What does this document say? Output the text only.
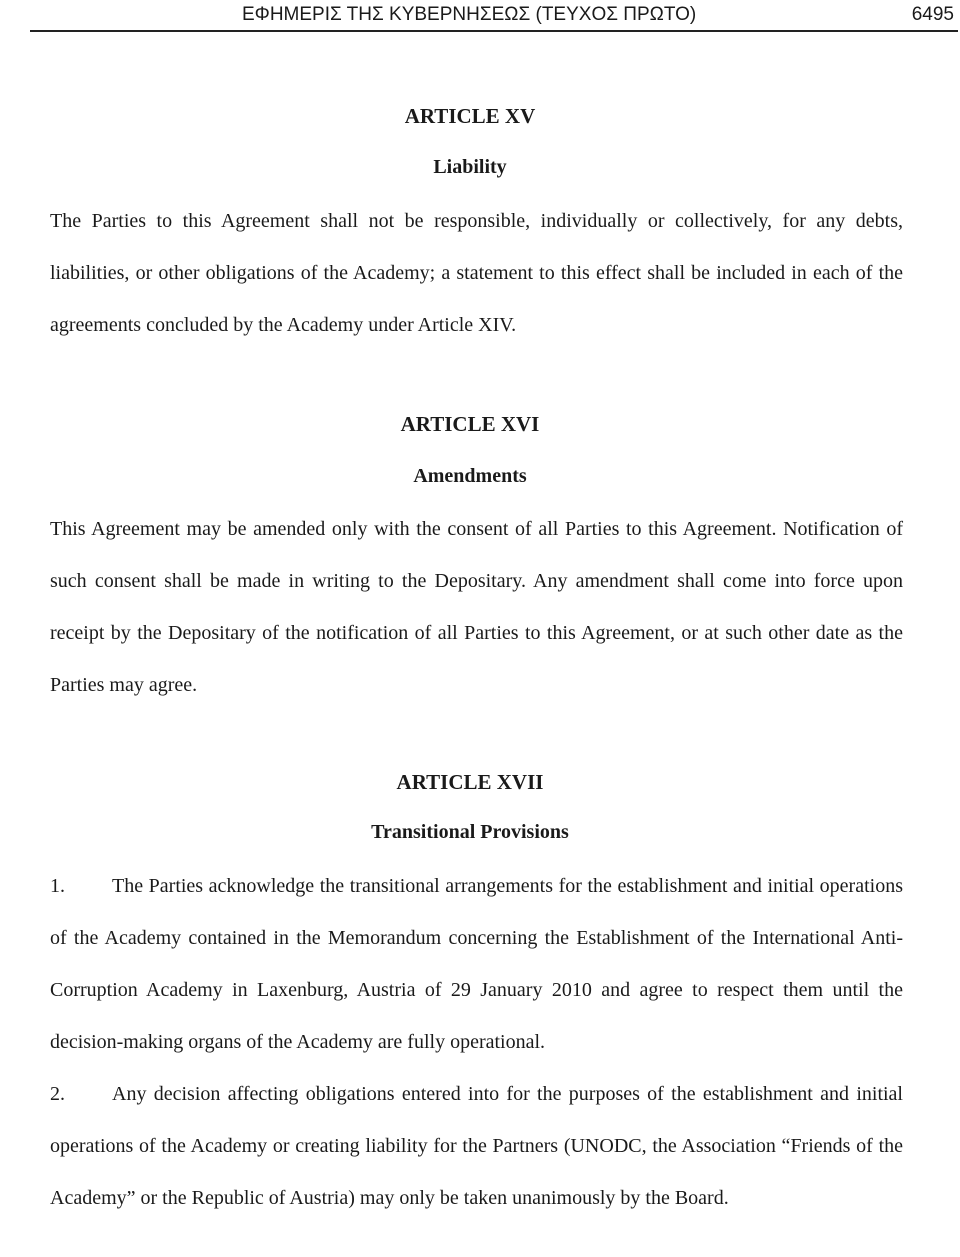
ΕΦΗΜΕΡΙΣ ΤΗΣ ΚΥΒΕΡΝΗΣΕΩΣ (ΤΕΥΧΟΣ ΠΡΩΤΟ)	6495
ARTICLE XV
Liability

The Parties to this Agreement shall not be responsible, individually or collectively, for any debts, liabilities, or other obligations of the Academy; a statement to this effect shall be included in each of the agreements concluded by the Academy under Article XIV.

ARTICLE XVI
Amendments

This Agreement may be amended only with the consent of all Parties to this Agreement. Notification of such consent shall be made in writing to the Depositary. Any amendment shall come into force upon receipt by the Depositary of the notification of all Parties to this Agreement, or at such other date as the Parties may agree.

ARTICLE XVII
Transitional Provisions

1. The Parties acknowledge the transitional arrangements for the establishment and initial operations of the Academy contained in the Memorandum concerning the Establishment of the International Anti-Corruption Academy in Laxenburg, Austria of 29 January 2010 and agree to respect them until the decision-making organs of the Academy are fully operational.

2. Any decision affecting obligations entered into for the purposes of the establishment and initial operations of the Academy or creating liability for the Partners (UNODC, the Association “Friends of the Academy” or the Republic of Austria) may only be taken unanimously by the Board.
